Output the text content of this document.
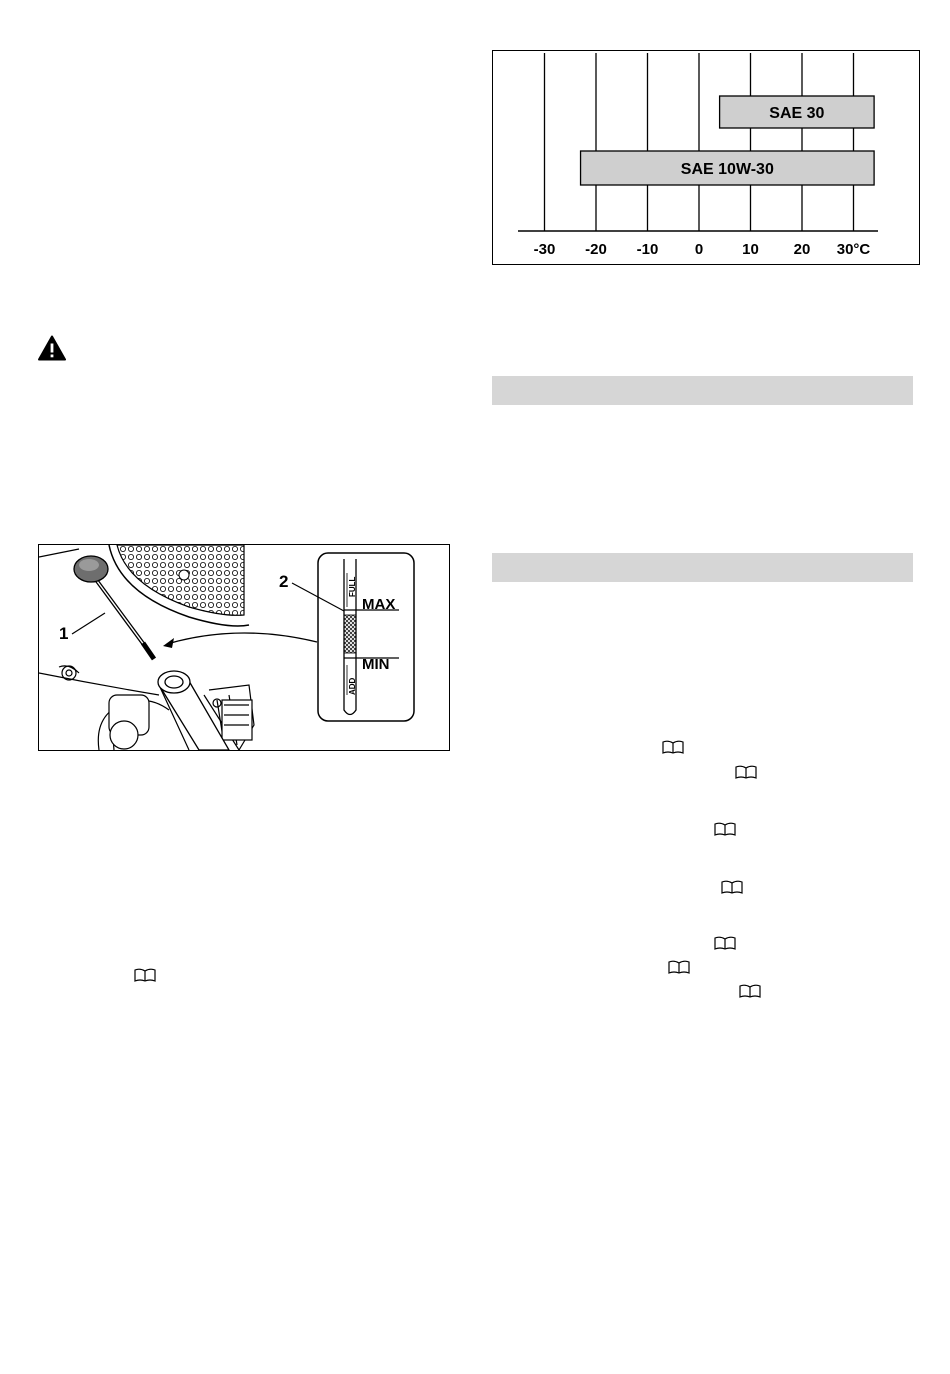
-30 -20 -10 0	10 20 30°C
SAE 30
SAE 10W-30
1
FULL
ADD
MAX
MIN
2
